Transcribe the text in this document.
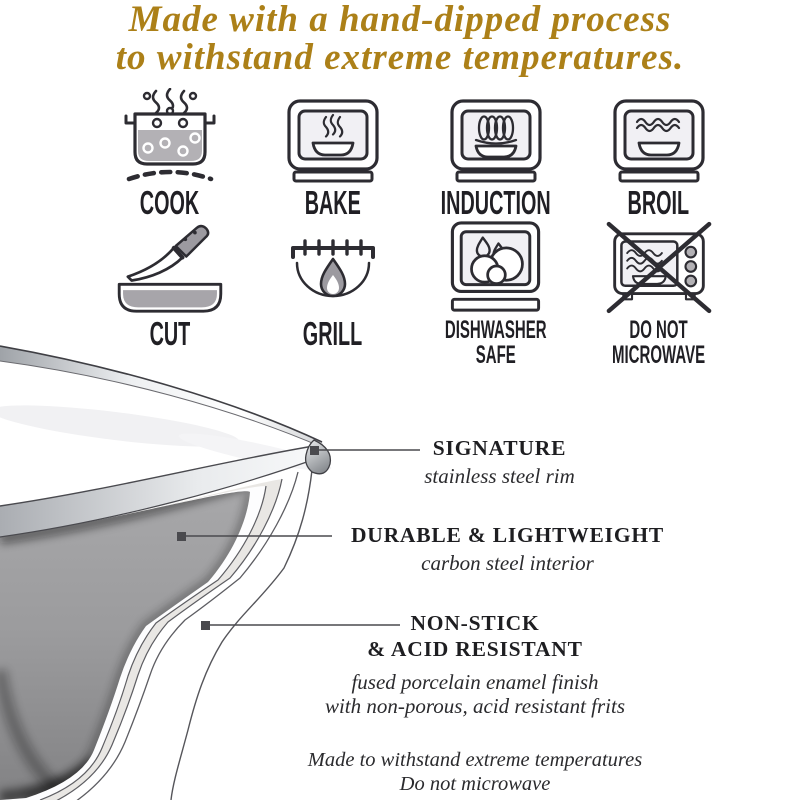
Made with a hand-dipped process
to withstand extreme temperatures.
COOK	BAKE INDUCTION BROIL
CUT	GRILL	DISHWASHER
SAFE
DO NOT
MICROWAVE
SIGNATURE
stainless steel rim
DURABLE & LIGHTWEIGHT
carbon steel interior
NON-STICK
& ACID RESISTANT
fused porcelain enamel finish
with non-porous, acid resistant frits
Made to withstand extreme temperatures
Do not microwave
